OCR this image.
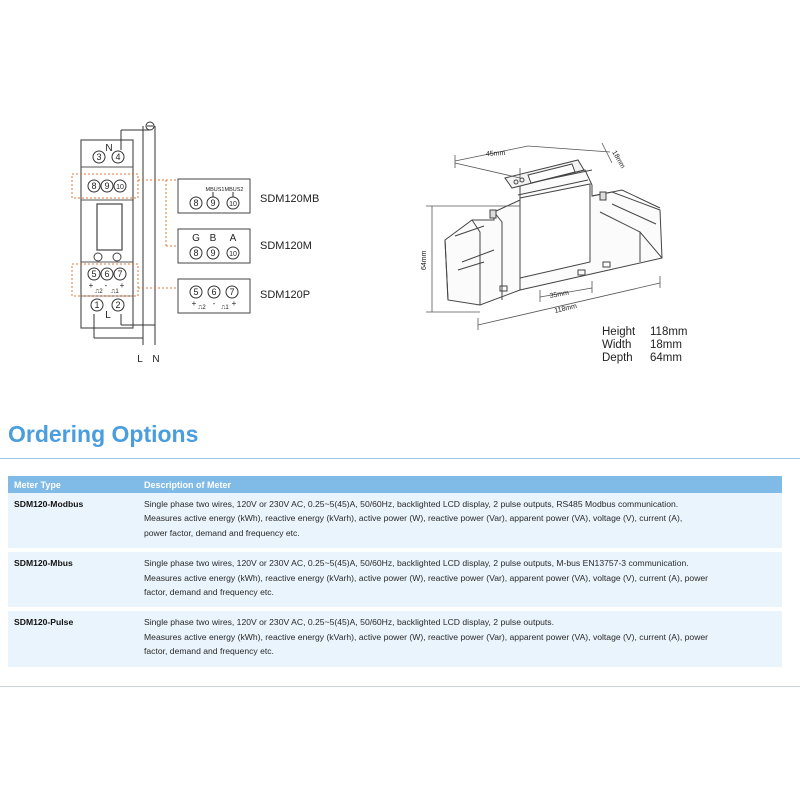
N
3 4
8 9 10
5 6 7
+ - +
⎍2 ⎍1
1 2
L
L N
8 9 10
MBUS1 MBUS2
SDM120MB
G B A
8 9 10
SDM120M
5 6 7
+ - +
⎍2	⎍1
SDM120P
45mm	18mm
64mm
35mm
118mm
Height	118mm
Width	18mm
Depth	64mm
Ordering Options
Meter Type	Description of Meter
SDM120-Modbus	Single phase two wires, 120V or 230V AC, 0.25~5(45)A, 50/60Hz, backlighted LCD display, 2 pulse outputs, RS485 Modbus communication.
Measures active energy (kWh), reactive energy (kVarh), active power (W), reactive power (Var), apparent power (VA), voltage (V), current (A),
power factor, demand and frequency etc.

SDM120-Mbus	Single phase two wires, 120V or 230V AC, 0.25~5(45)A, 50/60Hz, backlighted LCD display, 2 pulse outputs, M-bus EN13757-3 communication.
Measures active energy (kWh), reactive energy (kVarh), active power (W), reactive power (Var), apparent power (VA), voltage (V), current (A), power
factor, demand and frequency etc.

SDM120-Pulse	Single phase two wires, 120V or 230V AC, 0.25~5(45)A, 50/60Hz, backlighted LCD display, 2 pulse outputs.
Measures active energy (kWh), reactive energy (kVarh), active power (W), reactive power (Var), apparent power (VA), voltage (V), current (A), power
factor, demand and frequency etc.
